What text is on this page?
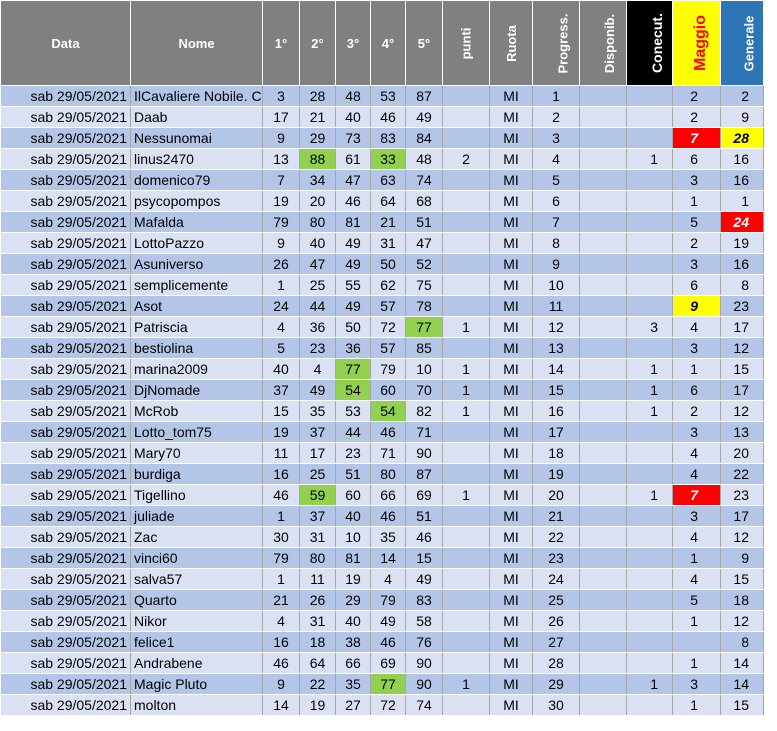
Data	Nome	1°	2°	3°	4°	5°	punti	Ruota	Progress.	Disponib.	Conecut.	Maggio	Generale
sab 29/05/2021	IlCavaliere Nobile. C	3	28	48	53	87		MI	1			2	2
sab 29/05/2021	Daab	17	21	40	46	49		MI	2			2	9
sab 29/05/2021	Nessunomai	9	29	73	83	84		MI	3			7	28
sab 29/05/2021	linus2470	13	88	61	33	48	2	MI	4		1	6	16
sab 29/05/2021	domenico79	7	34	47	63	74		MI	5			3	16
sab 29/05/2021	psycopompos	19	20	46	64	68		MI	6			1	1
sab 29/05/2021	Mafalda	79	80	81	21	51		MI	7			5	24
sab 29/05/2021	LottoPazzo	9	40	49	31	47		MI	8			2	19
sab 29/05/2021	Asuniverso	26	47	49	50	52		MI	9			3	16
sab 29/05/2021	semplicemente	1	25	55	62	75		MI	10			6	8
sab 29/05/2021	Asot	24	44	49	57	78		MI	11			9	23
sab 29/05/2021	Patriscia	4	36	50	72	77	1	MI	12		3	4	17
sab 29/05/2021	bestiolina	5	23	36	57	85		MI	13			3	12
sab 29/05/2021	marina2009	40	4	77	79	10	1	MI	14		1	1	15
sab 29/05/2021	DjNomade	37	49	54	60	70	1	MI	15		1	6	17
sab 29/05/2021	McRob	15	35	53	54	82	1	MI	16		1	2	12
sab 29/05/2021	Lotto_tom75	19	37	44	46	71		MI	17			3	13
sab 29/05/2021	Mary70	11	17	23	71	90		MI	18			4	20
sab 29/05/2021	burdiga	16	25	51	80	87		MI	19			4	22
sab 29/05/2021	Tigellino	46	59	60	66	69	1	MI	20		1	7	23
sab 29/05/2021	juliade	1	37	40	46	51		MI	21			3	17
sab 29/05/2021	Zac	30	31	10	35	46		MI	22			4	12
sab 29/05/2021	vinci60	79	80	81	14	15		MI	23			1	9
sab 29/05/2021	salva57	1	11	19	4	49		MI	24			4	15
sab 29/05/2021	Quarto	21	26	29	79	83		MI	25			5	18
sab 29/05/2021	Nikor	4	31	40	49	58		MI	26			1	12
sab 29/05/2021	felice1	16	18	38	46	76		MI	27				8
sab 29/05/2021	Andrabene	46	64	66	69	90		MI	28			1	14
sab 29/05/2021	Magic Pluto	9	22	35	77	90	1	MI	29		1	3	14
sab 29/05/2021	molton	14	19	27	72	74		MI	30			1	15
